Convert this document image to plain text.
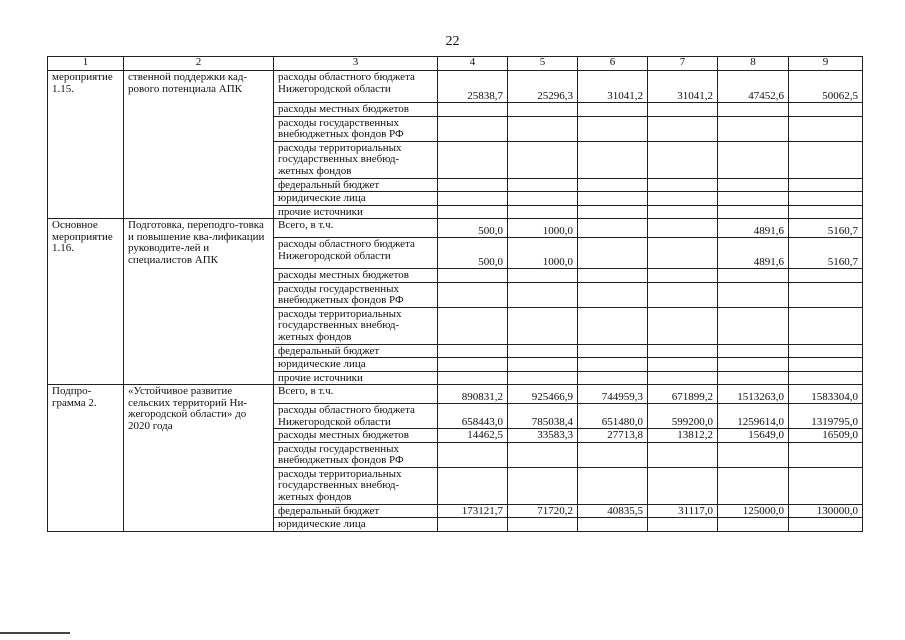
22
1	2	3	4	5	6	7	8	9
мероприятие 1.15.	ственной поддержки кад-рового потенциала АПК	расходы областного бюджета Нижегородской области	25838,7	25296,3	31041,2	31041,2	47452,6	50062,5
		расходы местных бюджетов						
		расходы государственных внебюджетных фондов РФ						
		расходы территориальных государственных внебюд-жетных фондов						
		федеральный бюджет						
		юридические лица						
		прочие источники						
Основное мероприятие 1.16.	Подготовка, переподго-товка и повышение ква-лификации руководите-лей и специалистов АПК	Всего, в т.ч.	500,0	1000,0			4891,6	5160,7
		расходы областного бюджета Нижегородской области	500,0	1000,0			4891,6	5160,7
		расходы местных бюджетов						
		расходы государственных внебюджетных фондов РФ						
		расходы территориальных государственных внебюд-жетных фондов						
		федеральный бюджет						
		юридические лица						
		прочие источники						
Подпро-грамма 2.	«Устойчивое развитие сельских территорий Ни-жегородской области» до 2020 года	Всего, в т.ч.	890831,2	925466,9	744959,3	671899,2	1513263,0	1583304,0
		расходы областного бюджета Нижегородской области	658443,0	785038,4	651480,0	599200,0	1259614,0	1319795,0
		расходы местных бюджетов	14462,5	33583,3	27713,8	13812,2	15649,0	16509,0
		расходы государственных внебюджетных фондов РФ						
		расходы территориальных государственных внебюд-жетных фондов						
		федеральный бюджет	173121,7	71720,2	40835,5	31117,0	125000,0	130000,0
		юридические лица						
